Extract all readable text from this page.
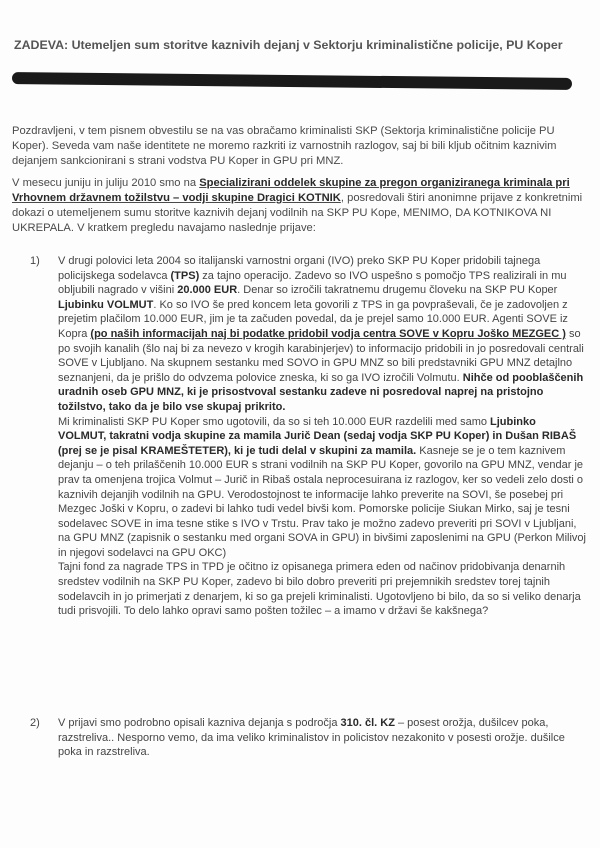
ZADEVA: Utemeljen sum storitve kaznivih dejanj v Sektorju kriminalistične policije, PU Koper
Pozdravljeni, v tem pisnem obvestilu se na vas obračamo kriminalisti SKP (Sektorja kriminalistične policije PU Koper). Seveda vam naše identitete ne moremo razkriti iz varnostnih razlogov, saj bi bili kljub očitnim kaznivim dejanjem sankcionirani s strani vodstva PU Koper in GPU pri MNZ.
V mesecu juniju in juliju 2010 smo na Specializirani oddelek skupine za pregon organiziranega kriminala pri Vrhovnem državnem tožilstvu – vodji skupine Dragici KOTNIK, posredovali štiri anonimne prijave z konkretnimi dokazi o utemeljenem sumu storitve kaznivih dejanj vodilnih na SKP PU Kope, MENIMO, DA KOTNIKOVA NI UKREPALA. V kratkem pregledu navajamo naslednje prijave:
1) V drugi polovici leta 2004 so italijanski varnostni organi (IVO) preko SKP PU Koper pridobili tajnega policijskega sodelavca (TPS) za tajno operacijo. Zadevo so IVO uspešno s pomočjo TPS realizirali in mu obljubili nagrado v višini 20.000 EUR. Denar so izročili takratnemu drugemu človeku na SKP PU Koper Ljubinku VOLMUT. Ko so IVO še pred koncem leta govorili z TPS in ga povpraševali, če je zadovoljen z prejetim plačilom 10.000 EUR, jim je ta začuden povedal, da je prejel samo 10.000 EUR. Agenti SOVE iz Kopra (po naših informacijah naj bi podatke pridobil vodja centra SOVE v Kopru Joško MEZGEC ) so po svojih kanalih (šlo naj bi za nevezo v krogih karabinjerjev) to informacijo pridobili in jo posredovali centrali SOVE v Ljubljano. Na skupnem sestanku med SOVO in GPU MNZ so bili predstavniki GPU MNZ detajlno seznanjeni, da je prišlo do odvzema polovice zneska, ki so ga IVO izročili Volmutu. Nihče od pooblaščenih uradnih oseb GPU MNZ, ki je prisostvoval sestanku zadeve ni posredoval naprej na pristojno tožilstvo, tako da je bilo vse skupaj prikrito.
Mi kriminalisti SKP PU Koper smo ugotovili, da so si teh 10.000 EUR razdelili med samo Ljubinko VOLMUT, takratni vodja skupine za mamila Jurič Dean (sedaj vodja SKP PU Koper) in Dušan RIBAŠ (prej se je pisal KRAMEŠTETER), ki je tudi delal v skupini za mamila. Kasneje se je o tem kaznivem dejanju – o teh prilaščenih 10.000 EUR s strani vodilnih na SKP PU Koper, govorilo na GPU MNZ, vendar je prav ta omenjena trojica Volmut – Jurič in Ribaš ostala neprocesuirana iz razlogov, ker so vedeli zelo dosti o kaznivih dejanjih vodilnih na GPU. Verodostojnost te informacije lahko preverite na SOVI, še posebej pri Mezgec Joški v Kopru, o zadevi bi lahko tudi vedel bivši kom. Pomorske policije Siukan Mirko, saj je tesni sodelavec SOVE in ima tesne stike s IVO v Trstu. Prav tako je možno zadevo preveriti pri SOVI v Ljubljani, na GPU MNZ (zapisnik o sestanku med organi SOVA in GPU) in bivšimi zaposlenimi na GPU (Perkon Milivoj in njegovi sodelavci na GPU OKC)
Tajni fond za nagrade TPS in TPD je očitno iz opisanega primera eden od načinov pridobivanja denarnih sredstev vodilnih na SKP PU Koper, zadevo bi bilo dobro preveriti pri prejemnikih sredstev torej tajnih sodelavcih in jo primerjati z denarjem, ki so ga prejeli kriminalisti. Ugotovljeno bi bilo, da so si veliko denarja tudi prisvojili. To delo lahko opravi samo pošten tožilec – a imamo v državi še kakšnega?
2) V prijavi smo podrobno opisali kazniva dejanja s področja 310. čl. KZ – posest orožja, dušilcev poka, razstreliva.. Nesporno vemo, da ima veliko kriminalistov in policistov nezakonito v posesti orožje. dušilce poka in razstreliva.
